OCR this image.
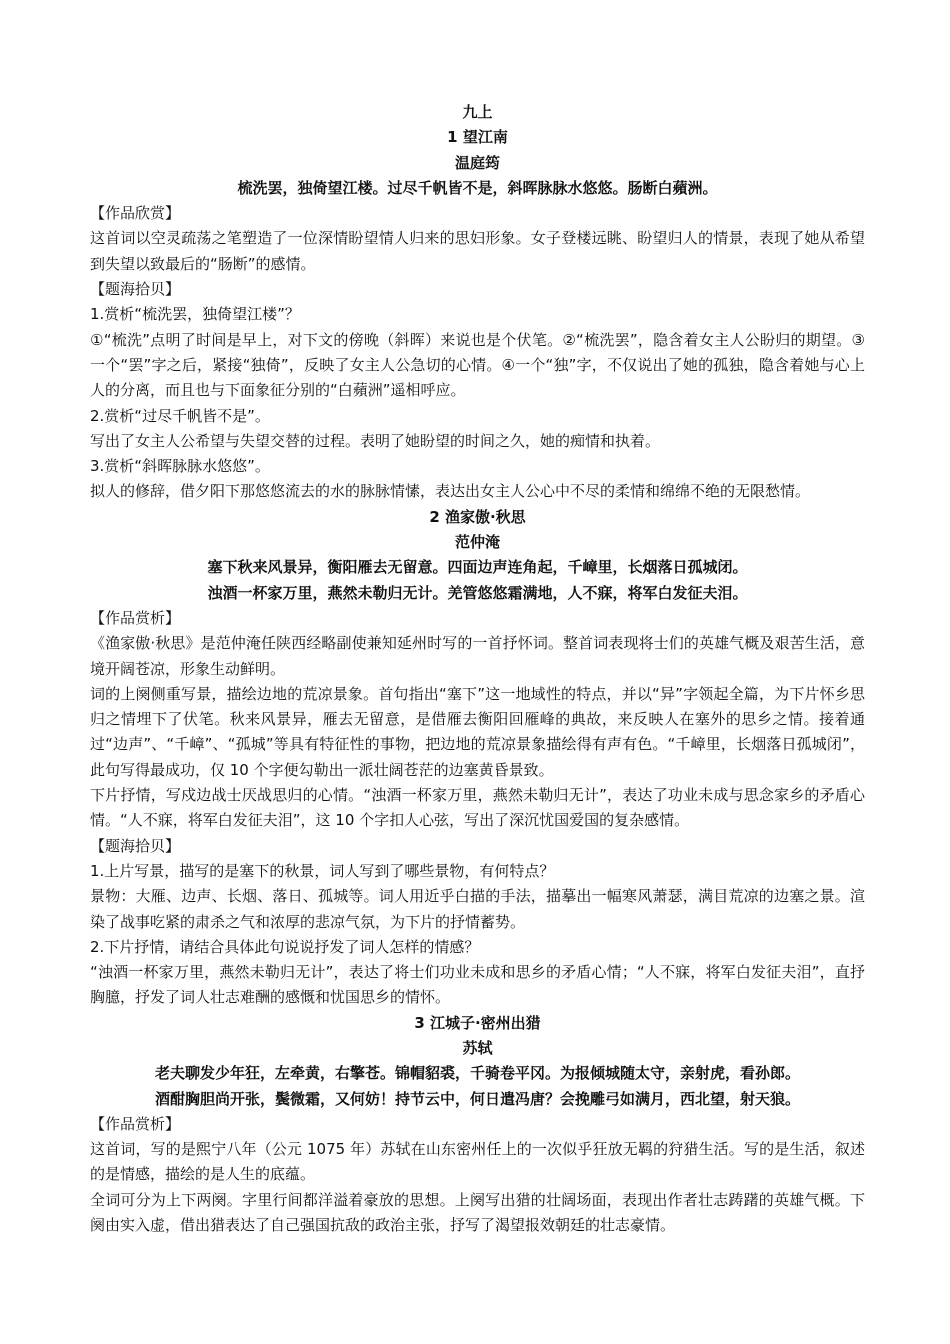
九上
1 望江南
温庭筠
梳洗罢，独倚望江楼。过尽千帆皆不是，斜晖脉脉水悠悠。肠断白蘋洲。

【作品欣赏】

这首词以空灵疏荡之笔塑造了一位深情盼望情人归来的思妇形象。女子登楼远眺、盼望归人的情景，表现了她从希望到失望以致最后的“肠断”的感情。

【题海拾贝】

1.赏析“梳洗罢，独倚望江楼”？

①“梳洗”点明了时间是早上，对下文的傍晚（斜晖）来说也是个伏笔。②“梳洗罢”，隐含着女主人公盼归的期望。③一个“罢”字之后，紧接“独倚”，反映了女主人公急切的心情。④一个“独”字，不仅说出了她的孤独，隐含着她与心上人的分离，而且也与下面象征分别的“白蘋洲”遥相呼应。

2.赏析“过尽千帆皆不是”。

写出了女主人公希望与失望交替的过程。表明了她盼望的时间之久，她的痴情和执着。

3.赏析“斜晖脉脉水悠悠”。

拟人的修辞，借夕阳下那悠悠流去的水的脉脉情愫，表达出女主人公心中不尽的柔情和绵绵不绝的无限愁情。

2 渔家傲·秋思
范仲淹
塞下秋来风景异，衡阳雁去无留意。四面边声连角起，千嶂里，长烟落日孤城闭。
浊酒一杯家万里，燕然未勒归无计。羌管悠悠霜满地，人不寐，将军白发征夫泪。

【作品赏析】

《渔家傲·秋思》是范仲淹任陕西经略副使兼知延州时写的一首抒怀词。整首词表现将士们的英雄气概及艰苦生活，意境开阔苍凉，形象生动鲜明。

词的上阕侧重写景，描绘边地的荒凉景象。首句指出“塞下”这一地域性的特点，并以“异”字领起全篇，为下片怀乡思归之情埋下了伏笔。秋来风景异，雁去无留意，是借雁去衡阳回雁峰的典故，来反映人在塞外的思乡之情。接着通过“边声”、“千嶂”、“孤城”等具有特征性的事物，把边地的荒凉景象描绘得有声有色。“千嶂里，长烟落日孤城闭”，此句写得最成功，仅 10 个字便勾勒出一派壮阔苍茫的边塞黄昏景致。

下片抒情，写戍边战士厌战思归的心情。“浊酒一杯家万里，燕然未勒归无计”，表达了功业未成与思念家乡的矛盾心情。“人不寐，将军白发征夫泪”，这 10 个字扣人心弦，写出了深沉忧国爱国的复杂感情。

【题海拾贝】

1.上片写景，描写的是塞下的秋景，词人写到了哪些景物，有何特点？

景物：大雁、边声、长烟、落日、孤城等。词人用近乎白描的手法，描摹出一幅寒风萧瑟，满目荒凉的边塞之景。渲染了战事吃紧的肃杀之气和浓厚的悲凉气氛，为下片的抒情蓄势。

2.下片抒情，请结合具体此句说说抒发了词人怎样的情感？

“浊酒一杯家万里，燕然未勒归无计”，表达了将士们功业未成和思乡的矛盾心情；“人不寐，将军白发征夫泪”，直抒胸臆，抒发了词人壮志难酬的感慨和忧国思乡的情怀。

3 江城子·密州出猎
苏轼
老夫聊发少年狂，左牵黄，右擎苍。锦帽貂裘，千骑卷平冈。为报倾城随太守，亲射虎，看孙郎。
酒酣胸胆尚开张，鬓微霜，又何妨！持节云中，何日遣冯唐？会挽雕弓如满月，西北望，射天狼。

【作品赏析】

这首词，写的是熙宁八年（公元 1075 年）苏轼在山东密州任上的一次似乎狂放无羁的狩猎生活。写的是生活，叙述的是情感，描绘的是人生的底蕴。

全词可分为上下两阕。字里行间都洋溢着豪放的思想。上阕写出猎的壮阔场面，表现出作者壮志踌躇的英雄气概。下阕由实入虚，借出猎表达了自己强国抗敌的政治主张，抒写了渴望报效朝廷的壮志豪情。
